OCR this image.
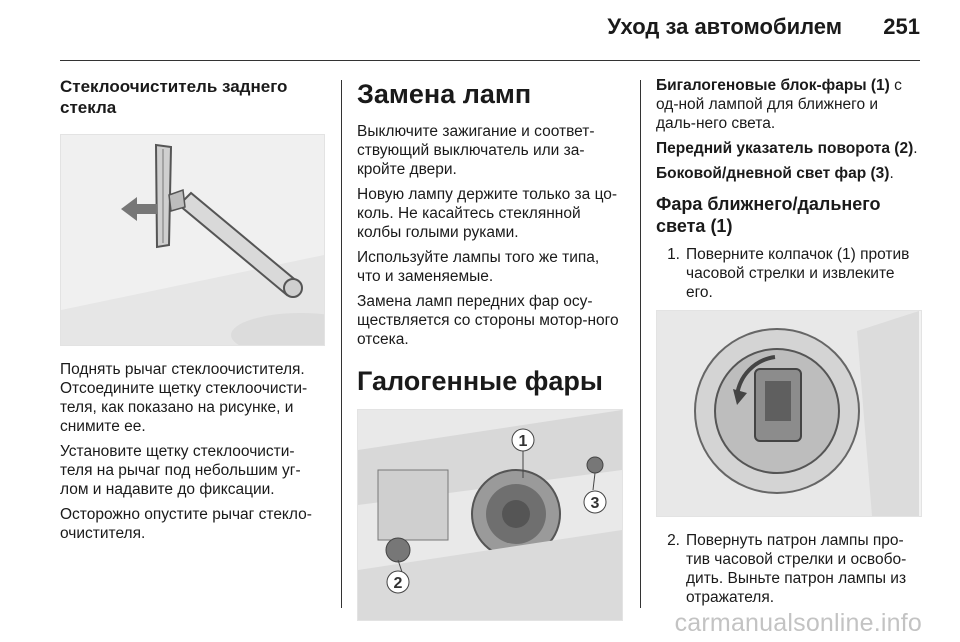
Уход за автомобилем 251
Стеклоочиститель заднего стекла

Поднять рычаг стеклоочистителя. Отсоедините щетку стеклоочисти-теля, как показано на рисунке, и снимите ее.

Установите щетку стеклоочисти-теля на рычаг под небольшим уг-лом и надавите до фиксации.

Осторожно опустите рычаг стекло-очистителя.

Замена ламп

Выключите зажигание и соответ-ствующий выключатель или за-кройте двери.

Новую лампу держите только за цо-коль. Не касайтесь стеклянной колбы голыми руками.

Используйте лампы того же типа, что и заменяемые.

Замена ламп передних фар осу-ществляется со стороны мотор-ного отсека.

Галогенные фары
1
2
3

Бигалогеновые блок-фары (1) с од-ной лампой для ближнего и даль-него света.

Передний указатель поворота (2).

Боковой/дневной свет фар (3).

Фара ближнего/дальнего света (1)
1. Поверните колпачок (1) против часовой стрелки и извлеките его.
2. Повернуть патрон лампы про-тив часовой стрелки и освобо-дить. Выньте патрон лампы из отражателя.
carmanualsonline.info
